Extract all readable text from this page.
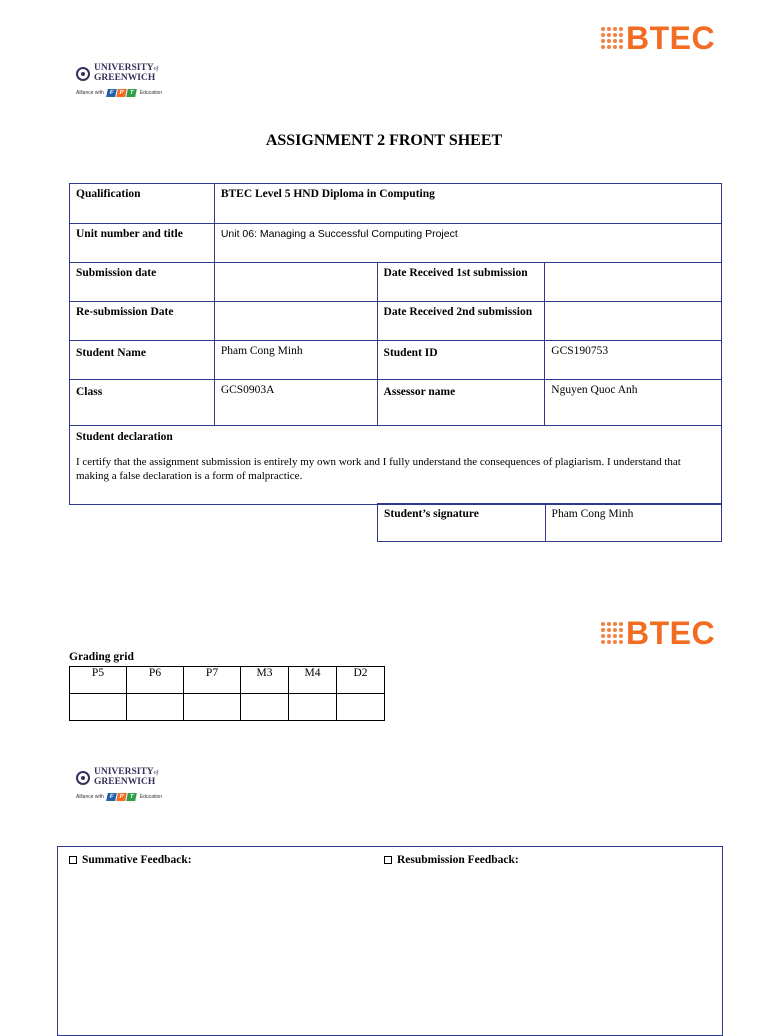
BTEC
UNIVERSITYof
GREENWICH
Alliance with F P T	Education
ASSIGNMENT 2 FRONT SHEET
Qualification	BTEC Level 5 HND Diploma in Computing		
Unit number and title	Unit 06: Managing a Successful Computing Project		
Submission date		Date Received 1st submission	
Re-submission Date		Date Received 2nd submission	
Student Name	Pham Cong Minh	Student ID	GCS190753
Class	GCS0903A	Assessor name	Nguyen Quoc Anh

Student declaration
I certify that the assignment submission is entirely my own work and I fully understand the consequences of plagiarism. I understand that making a false declaration is a form of malpractice.			
Student’s signature	Pham Cong Minh
BTEC
Grading grid
P5	P6	P7	M3	M4	D2

UNIVERSITYof
GREENWICH
Alliance with F P T	Education
Summative Feedback:	Resubmission Feedback:
